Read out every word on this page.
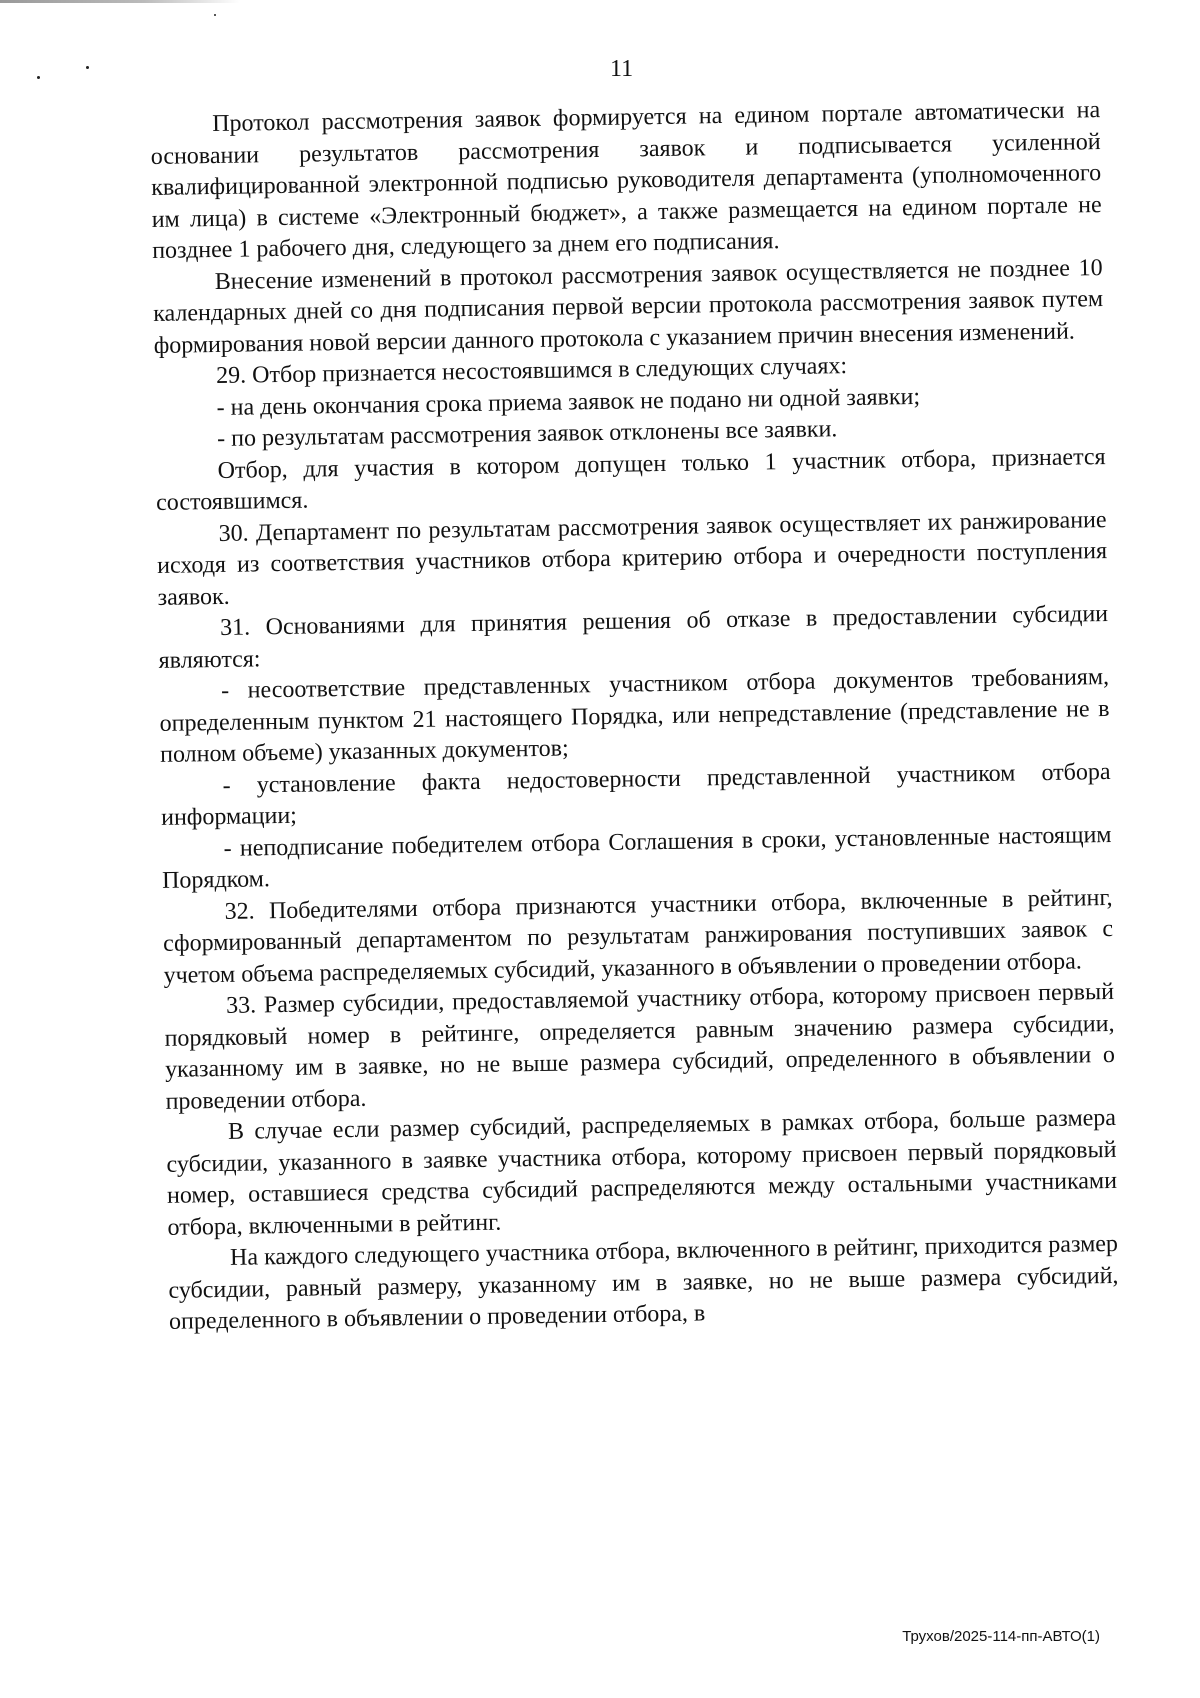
11

Протокол рассмотрения заявок формируется на едином портале автоматически на основании результатов рассмотрения заявок и подписывается усиленной квалифицированной электронной подписью руководителя департамента (уполномоченного им лица) в системе «Электронный бюджет», а также размещается на едином портале не позднее 1 рабочего дня, следующего за днем его подписания.

Внесение изменений в протокол рассмотрения заявок осуществляется не позднее 10 календарных дней со дня подписания первой версии протокола рассмотрения заявок путем формирования новой версии данного протокола с указанием причин внесения изменений.

29. Отбор признается несостоявшимся в следующих случаях:

- на день окончания срока приема заявок не подано ни одной заявки;

- по результатам рассмотрения заявок отклонены все заявки.

Отбор, для участия в котором допущен только 1 участник отбора, признается состоявшимся.

30. Департамент по результатам рассмотрения заявок осуществляет их ранжирование исходя из соответствия участников отбора критерию отбора и очередности поступления заявок.

31. Основаниями для принятия решения об отказе в предоставлении субсидии являются:

- несоответствие представленных участником отбора документов требованиям, определенным пунктом 21 настоящего Порядка, или непредставление (представление не в полном объеме) указанных документов;

- установление факта недостоверности представленной участником отбора информации;

- неподписание победителем отбора Соглашения в сроки, установленные настоящим Порядком.

32. Победителями отбора признаются участники отбора, включенные в рейтинг, сформированный департаментом по результатам ранжирования поступивших заявок с учетом объема распределяемых субсидий, указанного в объявлении о проведении отбора.

33. Размер субсидии, предоставляемой участнику отбора, которому присвоен первый порядковый номер в рейтинге, определяется равным значению размера субсидии, указанному им в заявке, но не выше размера субсидий, определенного в объявлении о проведении отбора.

В случае если размер субсидий, распределяемых в рамках отбора, больше размера субсидии, указанного в заявке участника отбора, которому присвоен первый порядковый номер, оставшиеся средства субсидий распределяются между остальными участниками отбора, включенными в рейтинг.

На каждого следующего участника отбора, включенного в рейтинг, приходится размер субсидии, равный размеру, указанному им в заявке, но не выше размера субсидий, определенного в объявлении о проведении отбора, в

Трухов/2025-114-пп-АВТО(1)
